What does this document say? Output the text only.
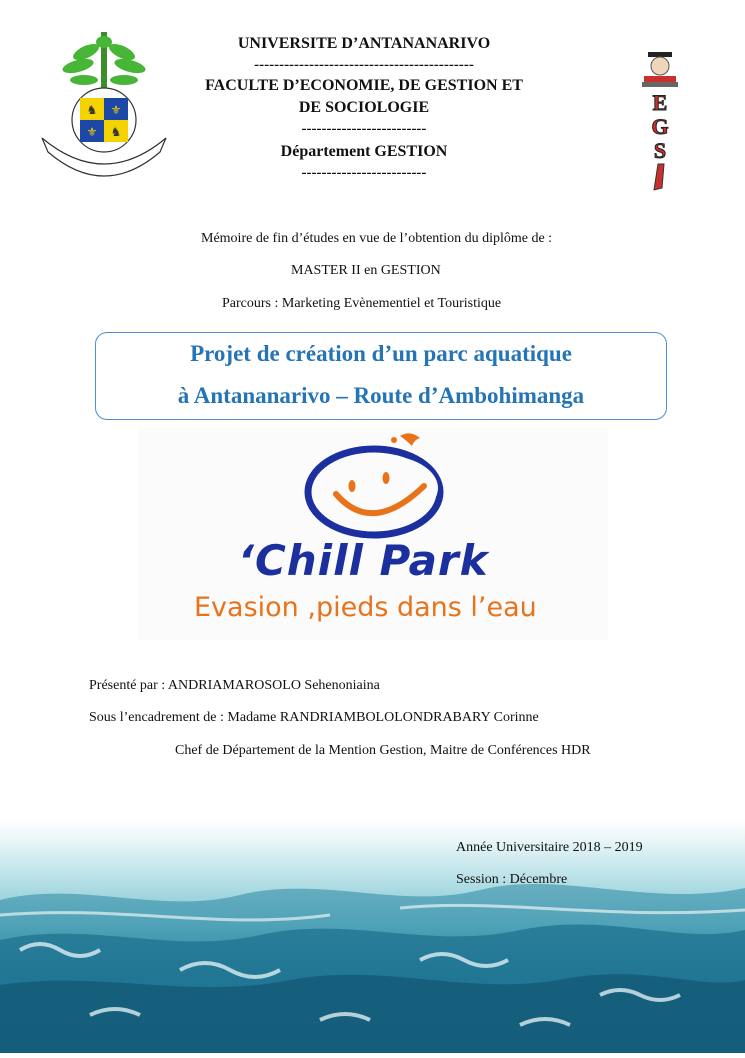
♞ ⚜
⚜ ♞
E
G
S
UNIVERSITE D’ANTANANARIVO
--------------------------------------------
FACULTE D’ECONOMIE, DE GESTION ET
DE SOCIOLOGIE
-------------------------
Département GESTION
-------------------------
Mémoire de fin d’études en vue de l’obtention du diplôme de :
MASTER II en GESTION
Parcours : Marketing Evènementiel et Touristique
Projet de création d’un parc aquatique
à Antananarivo – Route d’Ambohimanga
‘Chill Park
Evasion ,pieds dans l’eau
Présenté par : ANDRIAMAROSOLO Sehenoniaina
Sous l’encadrement de : Madame RANDRIAMBOLOLONDRABARY Corinne
Chef de Département de la Mention Gestion, Maitre de Conférences HDR
Année Universitaire 2018 – 2019
Session : Décembre
